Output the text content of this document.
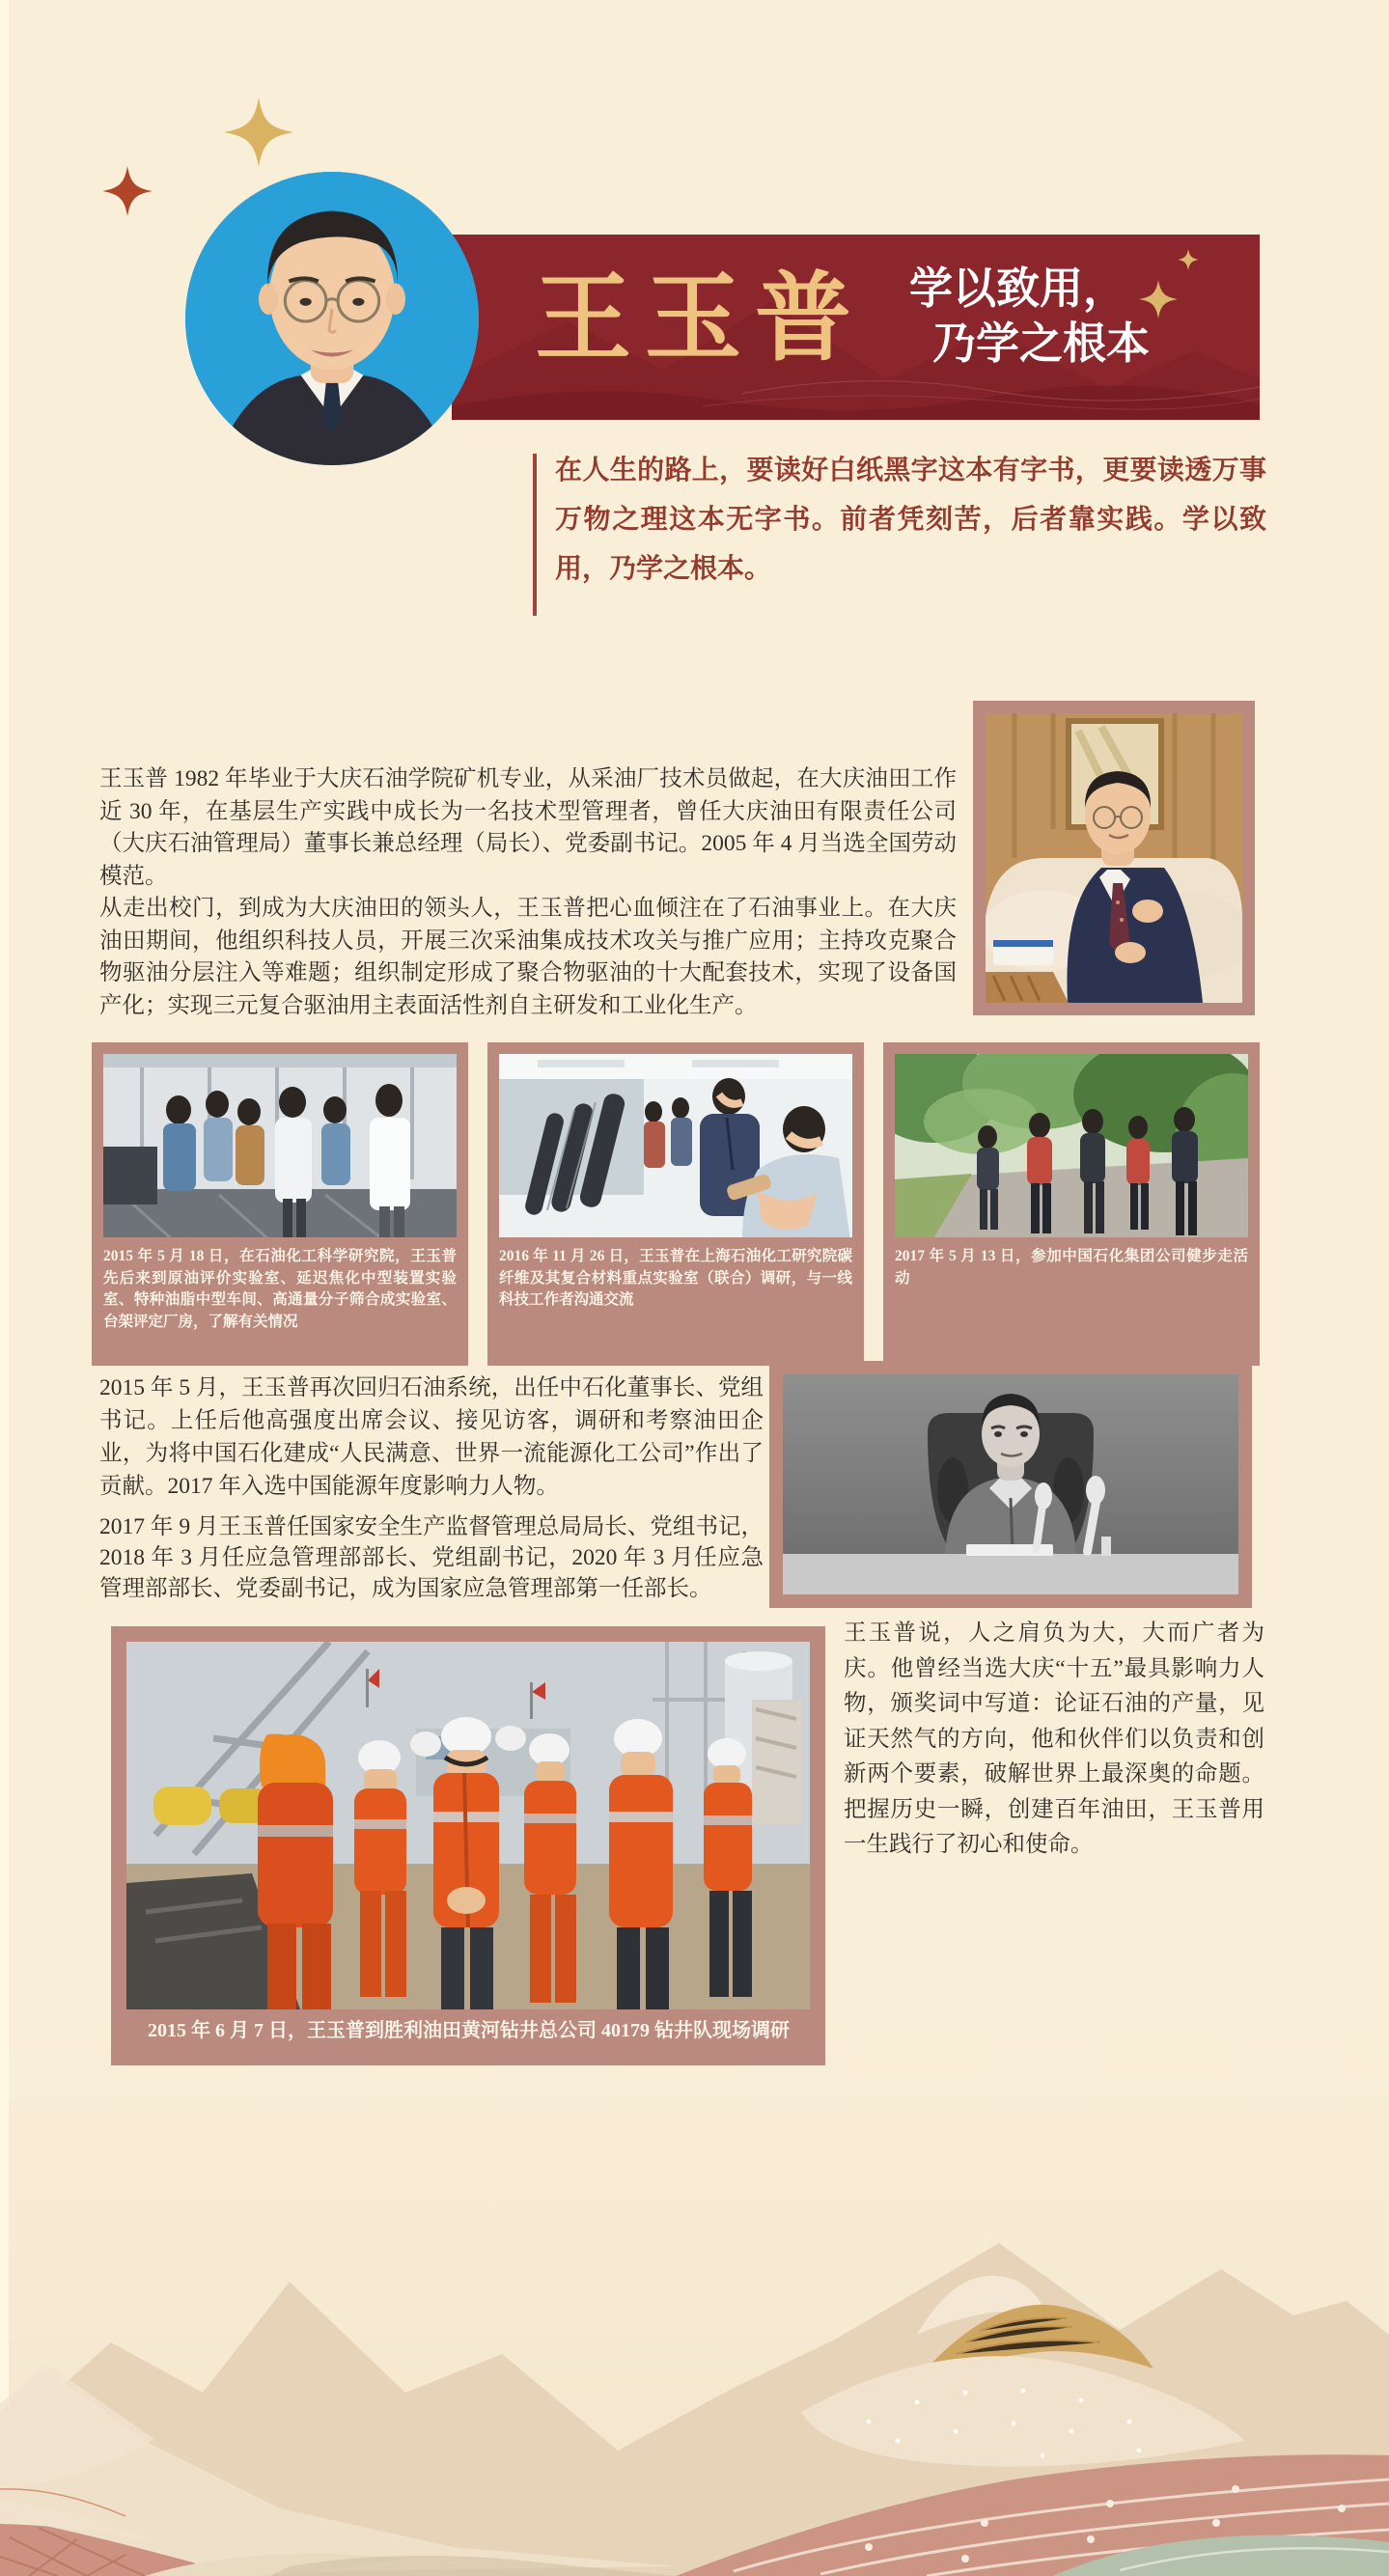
王玉普 学以致用，
乃学之根本
在人生的路上，要读好白纸黑字这本有字书，更要读透万事万物之理这本无字书。前者凭刻苦，后者靠实践。学以致用，乃学之根本。
王玉普 1982 年毕业于大庆石油学院矿机专业，从采油厂技术员做起，在大庆油田工作近 30 年，在基层生产实践中成长为一名技术型管理者，曾任大庆油田有限责任公司（大庆石油管理局）董事长兼总经理（局长）、党委副书记。2005 年 4 月当选全国劳动模范。
从走出校门，到成为大庆油田的领头人，王玉普把心血倾注在了石油事业上。在大庆油田期间，他组织科技人员，开展三次采油集成技术攻关与推广应用；主持攻克聚合物驱油分层注入等难题；组织制定形成了聚合物驱油的十大配套技术，实现了设备国产化；实现三元复合驱油用主表面活性剂自主研发和工业化生产。
2015 年 5 月 18 日，在石油化工科学研究院，王玉普先后来到原油评价实验室、延迟焦化中型装置实验室、特种油脂中型车间、高通量分子筛合成实验室、台架评定厂房，了解有关情况
2016 年 11 月 26 日，王玉普在上海石油化工研究院碳纤维及其复合材料重点实验室（联合）调研，与一线科技工作者沟通交流
2017 年 5 月 13 日，参加中国石化集团公司健步走活动
2015 年 5 月，王玉普再次回归石油系统，出任中石化董事长、党组书记。上任后他高强度出席会议、接见访客，调研和考察油田企业，为将中国石化建成“人民满意、世界一流能源化工公司”作出了贡献。2017 年入选中国能源年度影响力人物。
2017 年 9 月王玉普任国家安全生产监督管理总局局长、党组书记，2018 年 3 月任应急管理部部长、党组副书记，2020 年 3 月任应急管理部部长、党委副书记，成为国家应急管理部第一任部长。
2015 年 6 月 7 日，王玉普到胜利油田黄河钻井总公司 40179 钻井队现场调研
王玉普说，人之肩负为大，大而广者为庆。他曾经当选大庆“十五”最具影响力人物，颁奖词中写道：论证石油的产量，见证天然气的方向，他和伙伴们以负责和创新两个要素，破解世界上最深奥的命题。把握历史一瞬，创建百年油田，王玉普用一生践行了初心和使命。
